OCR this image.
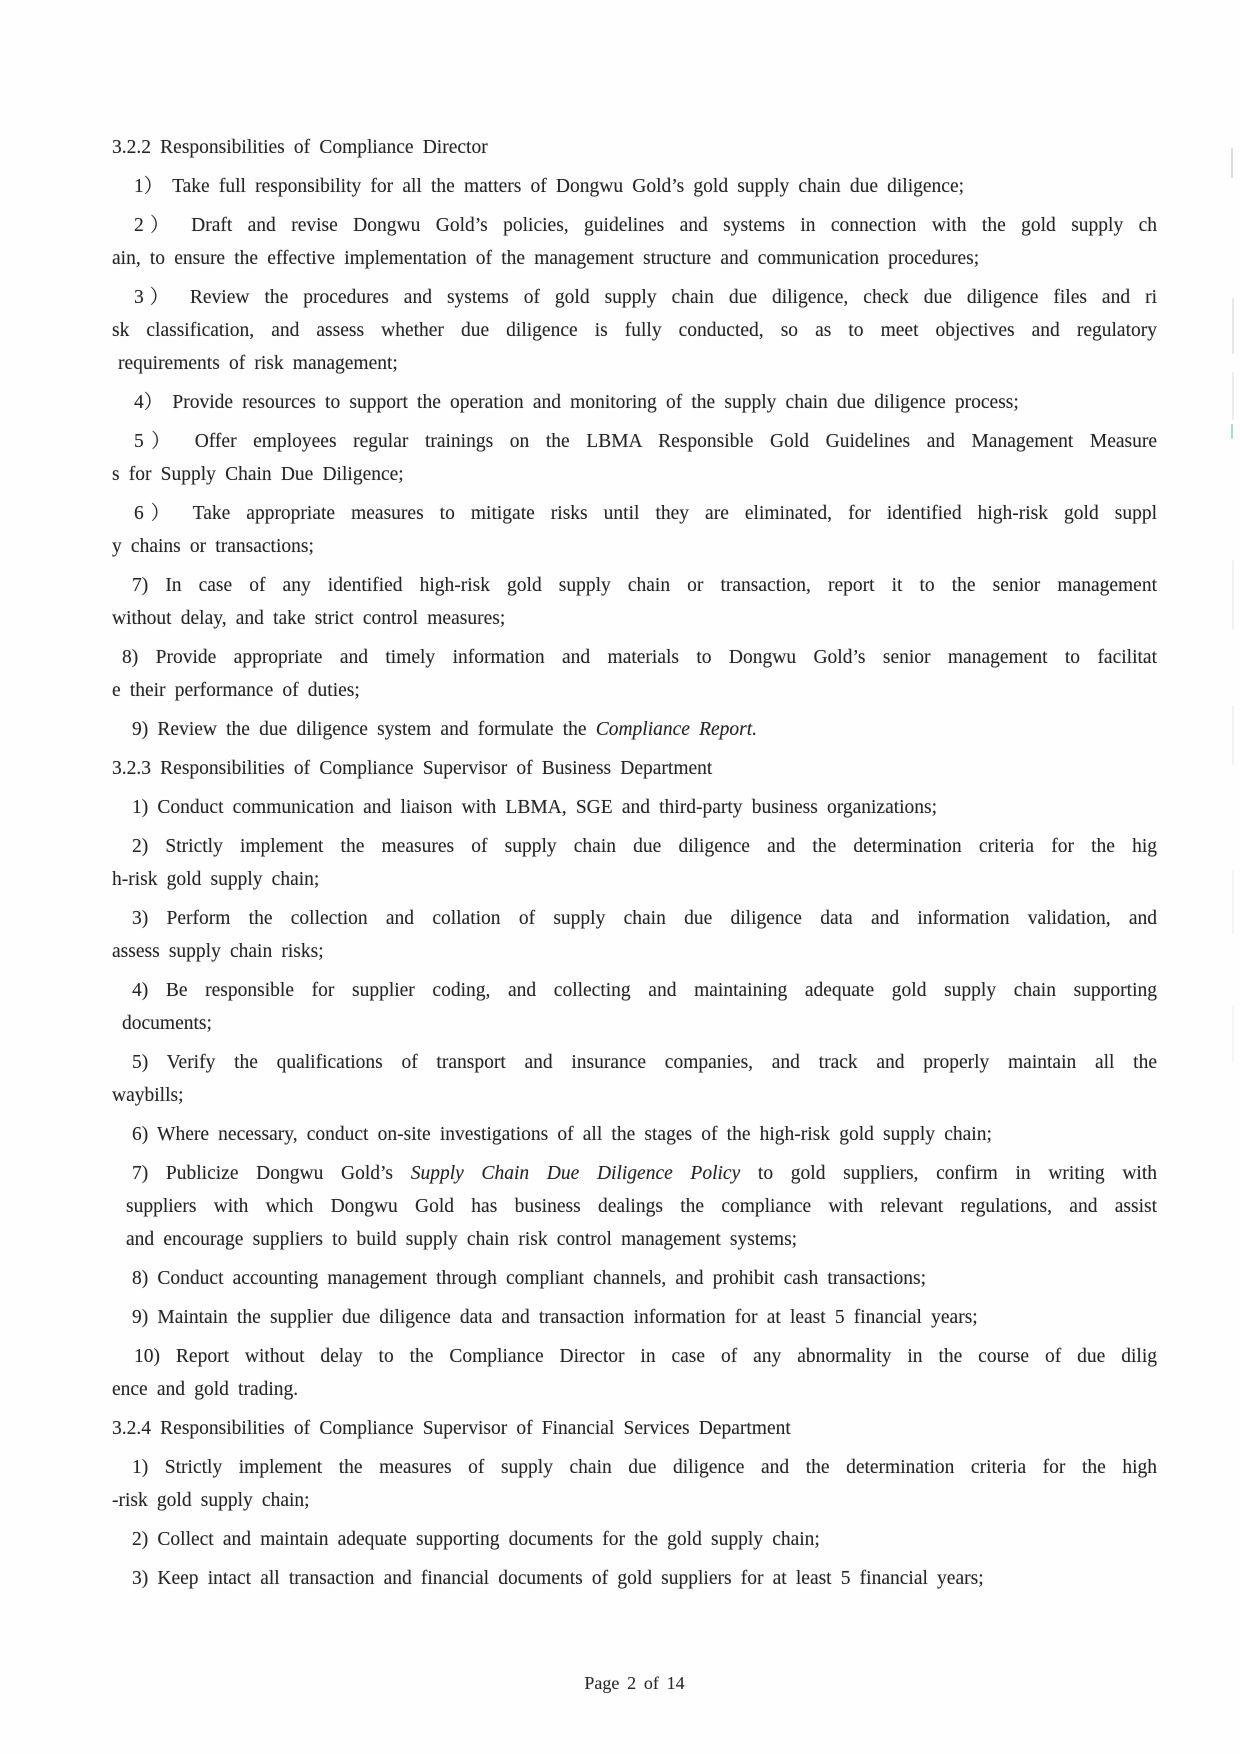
3.2.2 Responsibilities of Compliance Director
1） Take full responsibility for all the matters of Dongwu Gold’s gold supply chain due diligence;
2） Draft and revise Dongwu Gold’s policies, guidelines and systems in connection with the gold supply ch
ain, to ensure the effective implementation of the management structure and communication procedures;
3） Review the procedures and systems of gold supply chain due diligence, check due diligence files and ri
sk classification, and assess whether due diligence is fully conducted, so as to meet objectives and regulatory
requirements of risk management;
4） Provide resources to support the operation and monitoring of the supply chain due diligence process;
5） Offer employees regular trainings on the LBMA Responsible Gold Guidelines and Management Measure
s for Supply Chain Due Diligence;
6） Take appropriate measures to mitigate risks until they are eliminated, for identified high-risk gold suppl
y chains or transactions;
7) In case of any identified high-risk gold supply chain or transaction, report it to the senior management
without delay, and take strict control measures;
8) Provide appropriate and timely information and materials to Dongwu Gold’s senior management to facilitat
e their performance of duties;
9) Review the due diligence system and formulate the Compliance Report.
3.2.3 Responsibilities of Compliance Supervisor of Business Department
1) Conduct communication and liaison with LBMA, SGE and third-party business organizations;
2) Strictly implement the measures of supply chain due diligence and the determination criteria for the hig
h-risk gold supply chain;
3) Perform the collection and collation of supply chain due diligence data and information validation, and
assess supply chain risks;
4) Be responsible for supplier coding, and collecting and maintaining adequate gold supply chain supporting
documents;
5) Verify the qualifications of transport and insurance companies, and track and properly maintain all the
waybills;
6) Where necessary, conduct on-site investigations of all the stages of the high-risk gold supply chain;
7) Publicize Dongwu Gold’s Supply Chain Due Diligence Policy to gold suppliers, confirm in writing with
suppliers with which Dongwu Gold has business dealings the compliance with relevant regulations, and assist
and encourage suppliers to build supply chain risk control management systems;
8) Conduct accounting management through compliant channels, and prohibit cash transactions;
9) Maintain the supplier due diligence data and transaction information for at least 5 financial years;
10) Report without delay to the Compliance Director in case of any abnormality in the course of due dilig
ence and gold trading.
3.2.4 Responsibilities of Compliance Supervisor of Financial Services Department
1) Strictly implement the measures of supply chain due diligence and the determination criteria for the high
-risk gold supply chain;
2) Collect and maintain adequate supporting documents for the gold supply chain;
3) Keep intact all transaction and financial documents of gold suppliers for at least 5 financial years;
Page 2 of 14
